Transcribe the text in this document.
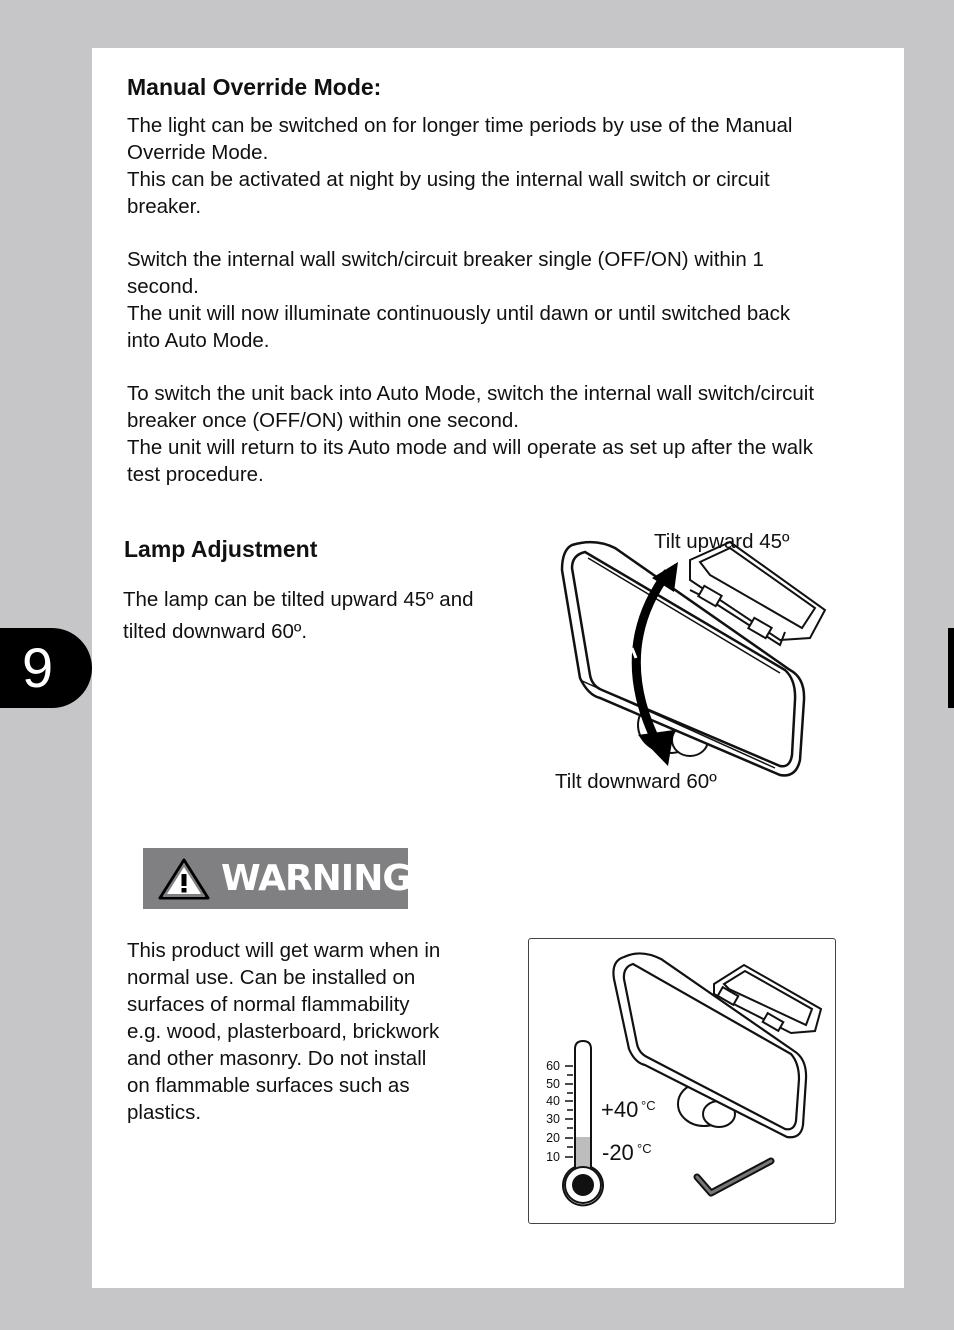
9
Manual Override Mode:
The light can be switched on for longer time periods by use of the Manual
Override Mode.
This can be activated at night by using the internal wall switch or circuit
breaker.
Switch the internal wall switch/circuit breaker single (OFF/ON) within 1
second.
The unit will now illuminate continuously until dawn or until switched back
into Auto Mode.
To switch the unit back into Auto Mode, switch the internal wall switch/circuit
breaker once (OFF/ON) within one second.
The unit will return to its Auto mode and will operate as set up after the walk
test procedure.
Lamp Adjustment
The lamp can be tilted upward 45º and
tilted downward 60º.
Tilt upward 45º
Tilt downward 60º
WARNING
This product will get warm when in
normal use. Can be installed on
surfaces of normal flammability
e.g. wood, plasterboard, brickwork
and other masonry. Do not install
on flammable surfaces such as
plastics.
60
50
40
30
20
10
+40 °C
-20 °C
